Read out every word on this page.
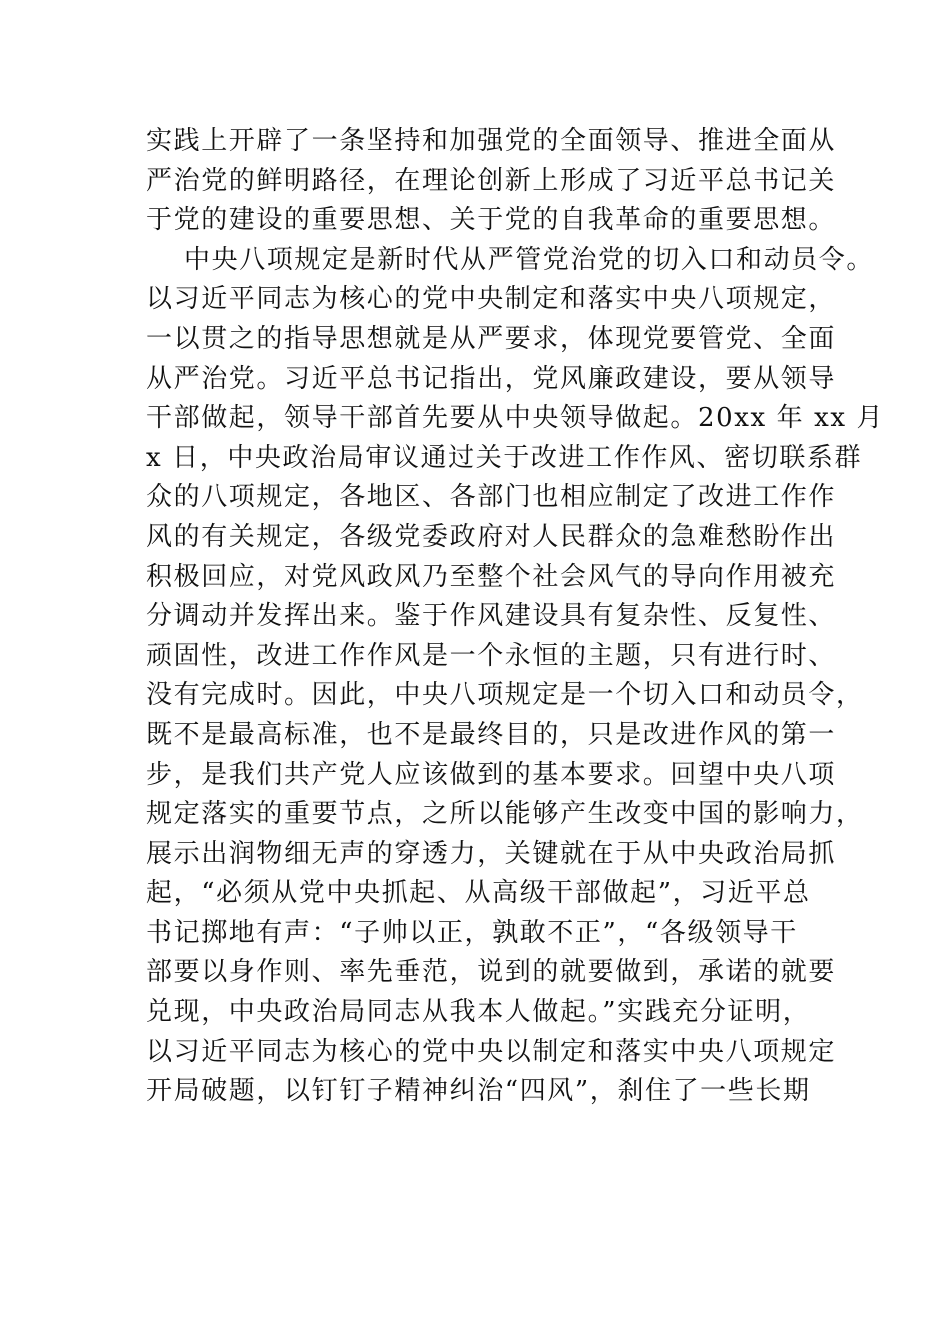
实践上开辟了一条坚持和加强党的全面领导、推进全面从
严治党的鲜明路径，在理论创新上形成了习近平总书记关
于党的建设的重要思想、关于党的自我革命的重要思想。
中央八项规定是新时代从严管党治党的切入口和动员令。
以习近平同志为核心的党中央制定和落实中央八项规定，
一以贯之的指导思想就是从严要求，体现党要管党、全面
从严治党。习近平总书记指出，党风廉政建设，要从领导
干部做起，领导干部首先要从中央领导做起。20xx 年 xx 月
x 日，中央政治局审议通过关于改进工作作风、密切联系群
众的八项规定，各地区、各部门也相应制定了改进工作作
风的有关规定，各级党委政府对人民群众的急难愁盼作出
积极回应，对党风政风乃至整个社会风气的导向作用被充
分调动并发挥出来。鉴于作风建设具有复杂性、反复性、
顽固性，改进工作作风是一个永恒的主题，只有进行时、
没有完成时。因此，中央八项规定是一个切入口和动员令，
既不是最高标准，也不是最终目的，只是改进作风的第一
步，是我们共产党人应该做到的基本要求。回望中央八项
规定落实的重要节点，之所以能够产生改变中国的影响力，
展示出润物细无声的穿透力，关键就在于从中央政治局抓
起，“必须从党中央抓起、从高级干部做起”，习近平总
书记掷地有声：“子帅以正，孰敢不正”，“各级领导干
部要以身作则、率先垂范，说到的就要做到，承诺的就要
兑现，中央政治局同志从我本人做起。”实践充分证明，
以习近平同志为核心的党中央以制定和落实中央八项规定
开局破题，以钉钉子精神纠治“四风”，刹住了一些长期
